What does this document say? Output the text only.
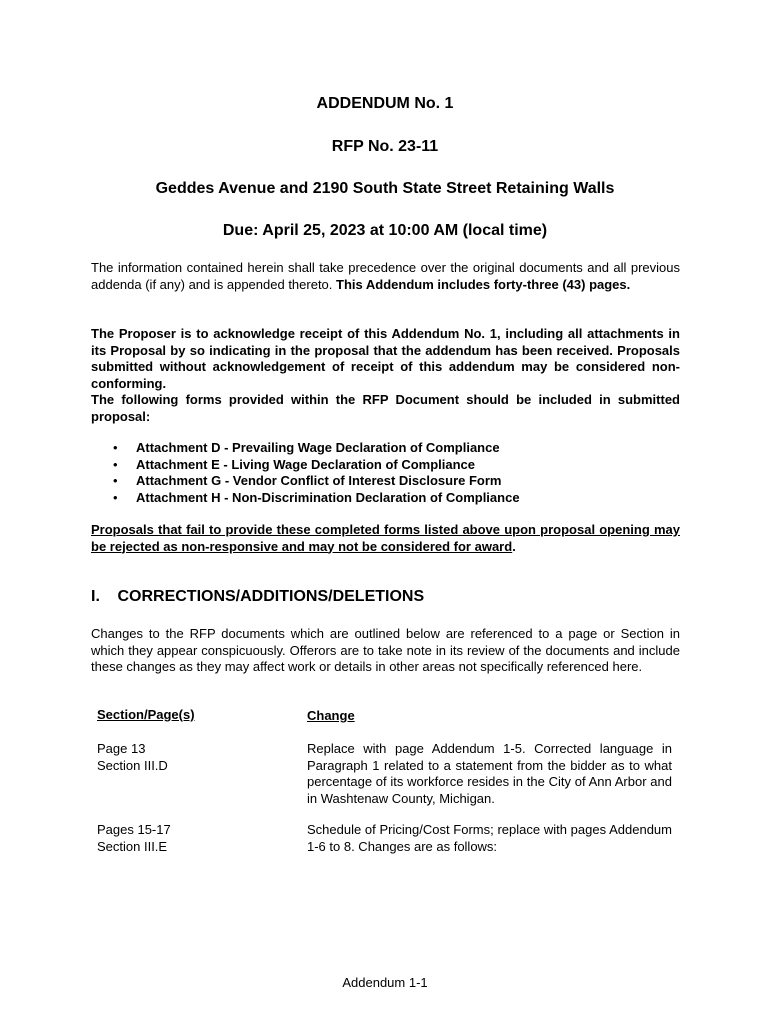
ADDENDUM No. 1

RFP No. 23-11

Geddes Avenue and 2190 South State Street Retaining Walls

Due: April 25, 2023 at 10:00 AM (local time)

The information contained herein shall take precedence over the original documents and all previous addenda (if any) and is appended thereto. This Addendum includes forty-three (43) pages.

The Proposer is to acknowledge receipt of this Addendum No. 1, including all attachments in its Proposal by so indicating in the proposal that the addendum has been received. Proposals submitted without acknowledgement of receipt of this addendum may be considered non-conforming.

The following forms provided within the RFP Document should be included in submitted proposal:

• Attachment D - Prevailing Wage Declaration of Compliance
• Attachment E - Living Wage Declaration of Compliance
• Attachment G - Vendor Conflict of Interest Disclosure Form
• Attachment H - Non-Discrimination Declaration of Compliance

Proposals that fail to provide these completed forms listed above upon proposal opening may be rejected as non-responsive and may not be considered for award.

I. CORRECTIONS/ADDITIONS/DELETIONS

Changes to the RFP documents which are outlined below are referenced to a page or Section in which they appear conspicuously. Offerors are to take note in its review of the documents and include these changes as they may affect work or details in other areas not specifically referenced here.

Section/Page(s)	Change

Page 13
Section III.D

Replace with page Addendum 1-5. Corrected language in Paragraph 1 related to a statement from the bidder as to what percentage of its workforce resides in the City of Ann Arbor and in Washtenaw County, Michigan.

Pages 15-17
Section III.E

Schedule of Pricing/Cost Forms; replace with pages Addendum 1-6 to 8. Changes are as follows:

Addendum 1-1
